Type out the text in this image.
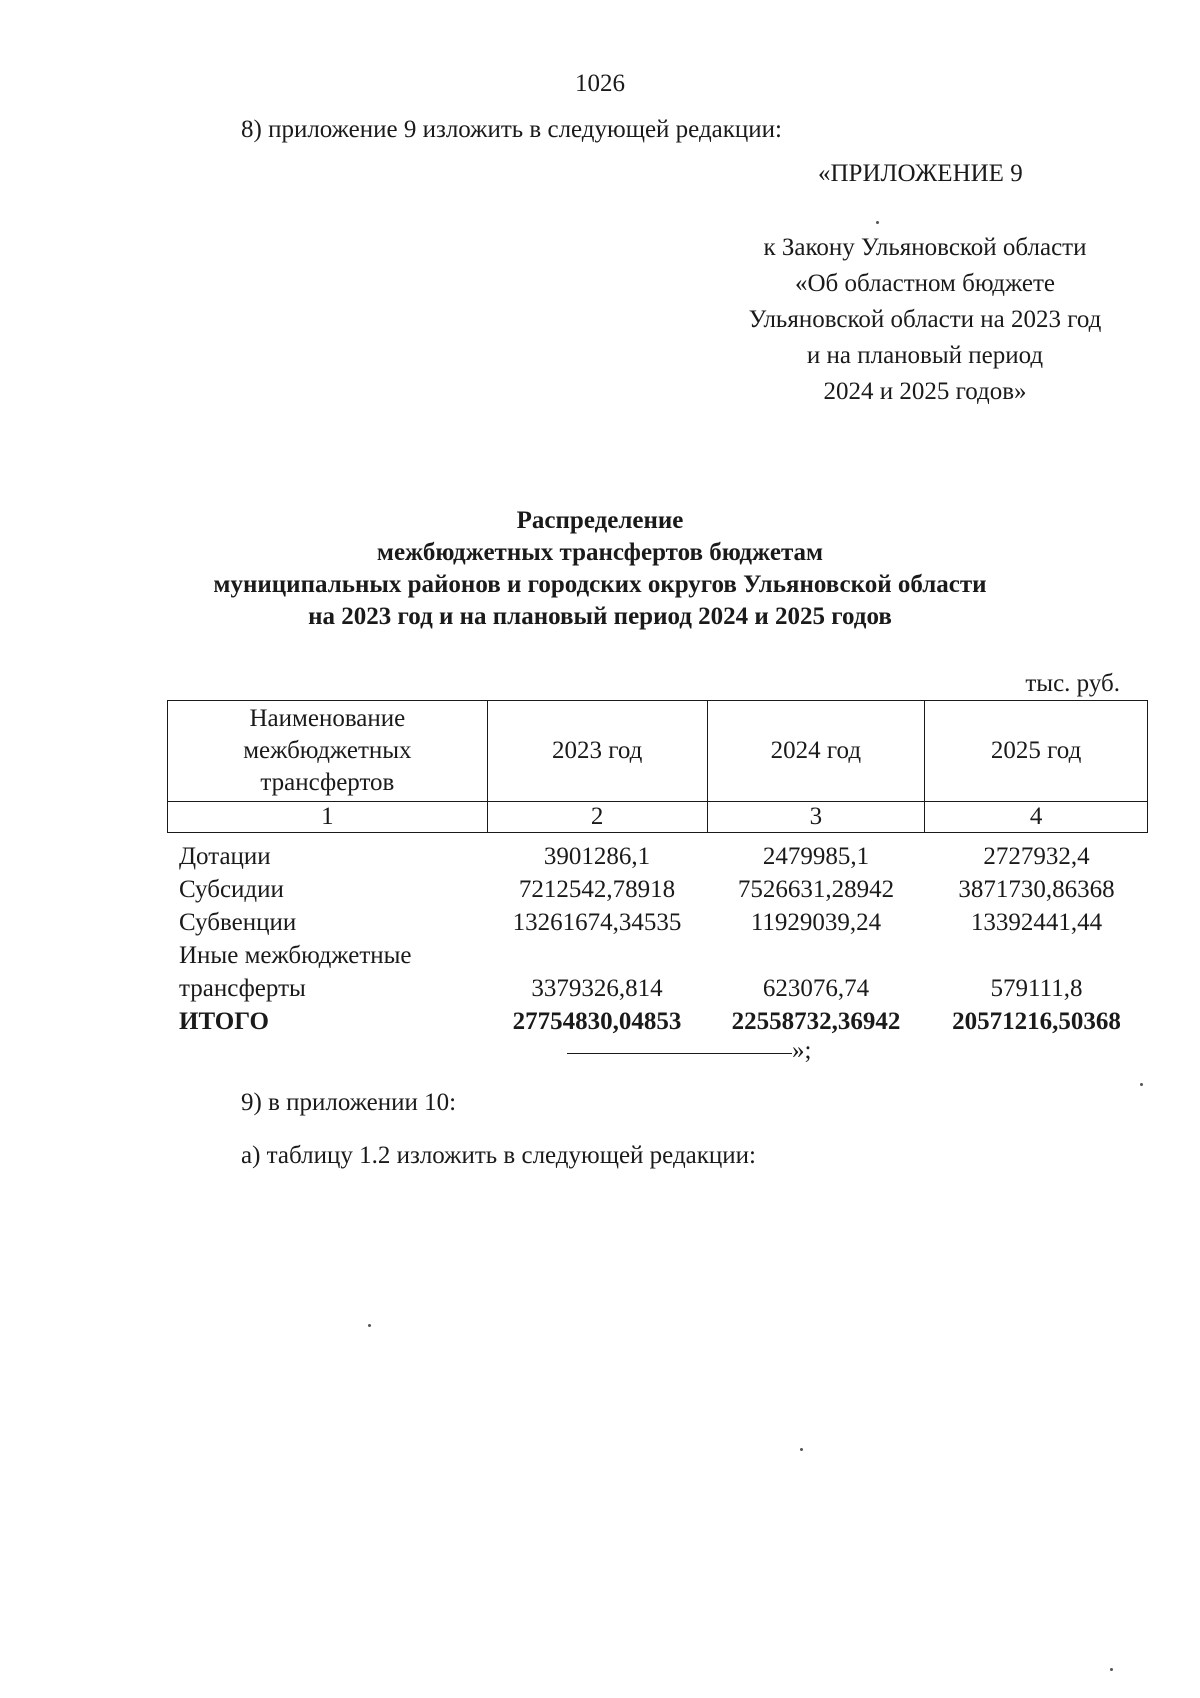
1026
8) приложение 9 изложить в следующей редакции:
«ПРИЛОЖЕНИЕ 9
к Закону Ульяновской области
«Об областном бюджете
Ульяновской области на 2023 год
и на плановый период
2024 и 2025 годов»
Распределение
межбюджетных трансфертов бюджетам
муниципальных районов и городских округов Ульяновской области
на 2023 год и на плановый период 2024 и 2025 годов
тыс. руб.
Наименование
межбюджетных
трансфертов	2023 год	2024 год	2025 год
1	2	3	4
Дотации	3901286,1	2479985,1	2727932,4
Субсидии	7212542,78918	7526631,28942	3871730,86368
Субвенции	13261674,34535	11929039,24	13392441,44
Иные межбюджетные
трансферты	3379326,814	623076,74	579111,8
ИТОГО	27754830,04853	22558732,36942	20571216,50368
»;
9) в приложении 10:
а) таблицу 1.2 изложить в следующей редакции:
